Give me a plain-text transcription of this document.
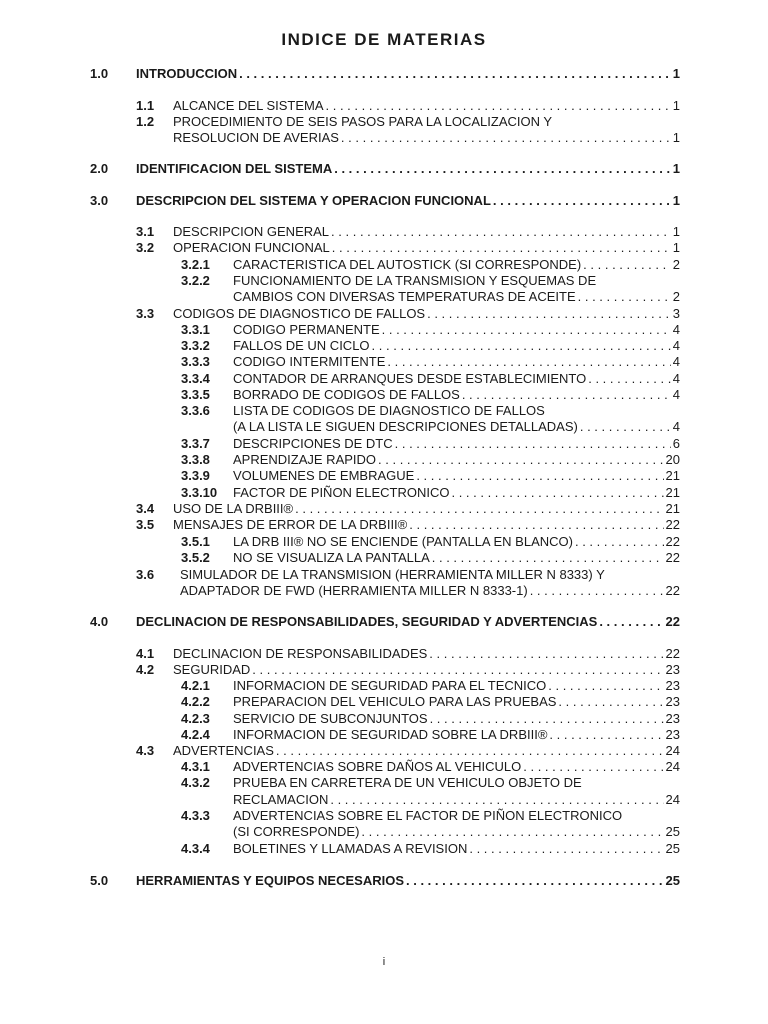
INDICE DE MATERIAS
1.0 INTRODUCCION . . .	1
1.1 ALCANCE DEL SISTEMA . . .	1
1.2 PROCEDIMIENTO DE SEIS PASOS PARA LA LOCALIZACION Y
RESOLUCION DE AVERIAS . . .	1
2.0 IDENTIFICACION DEL SISTEMA . . .	1
3.0 DESCRIPCION DEL SISTEMA Y OPERACION FUNCIONAL . . .	1
3.1 DESCRIPCION GENERAL . . .	1
3.2 OPERACION FUNCIONAL . . .	1
3.2.1 CARACTERISTICA DEL AUTOSTICK (SI CORRESPONDE) . . .	2
3.2.2 FUNCIONAMIENTO DE LA TRANSMISION Y ESQUEMAS DE
CAMBIOS CON DIVERSAS TEMPERATURAS DE ACEITE . . .	2
3.3 CODIGOS DE DIAGNOSTICO DE FALLOS . . .	3
3.3.1 CODIGO PERMANENTE . . .	4
3.3.2 FALLOS DE UN CICLO . . .	4
3.3.3 CODIGO INTERMITENTE . . .	4
3.3.4 CONTADOR DE ARRANQUES DESDE ESTABLECIMIENTO . . .	4
3.3.5 BORRADO DE CODIGOS DE FALLOS . . .	4
3.3.6 LISTA DE CODIGOS DE DIAGNOSTICO DE FALLOS
(A LA LISTA LE SIGUEN DESCRIPCIONES DETALLADAS) . . .	4
3.3.7 DESCRIPCIONES DE DTC . . .	6
3.3.8 APRENDIZAJE RAPIDO . . .	20
3.3.9 VOLUMENES DE EMBRAGUE . . .	21
3.3.10 FACTOR DE PIÑON ELECTRONICO . . .	21
3.4 USO DE LA DRBIII® . . .	21
3.5 MENSAJES DE ERROR DE LA DRBIII® . . .	22
3.5.1 LA DRB III® NO SE ENCIENDE (PANTALLA EN BLANCO) . . .	22
3.5.2 NO SE VISUALIZA LA PANTALLA . . .	22
3.6 SIMULADOR DE LA TRANSMISION (HERRAMIENTA MILLER N 8333) Y
ADAPTADOR DE FWD (HERRAMIENTA MILLER N 8333-1) . . .	22
4.0 DECLINACION DE RESPONSABILIDADES, SEGURIDAD Y ADVERTENCIAS . . .	22
4.1 DECLINACION DE RESPONSABILIDADES . . .	22
4.2 SEGURIDAD . . .	23
4.2.1 INFORMACION DE SEGURIDAD PARA EL TECNICO . . .	23
4.2.2 PREPARACION DEL VEHICULO PARA LAS PRUEBAS . . .	23
4.2.3 SERVICIO DE SUBCONJUNTOS . . .	23
4.2.4 INFORMACION DE SEGURIDAD SOBRE LA DRBIII® . . .	23
4.3 ADVERTENCIAS . . .	24
4.3.1 ADVERTENCIAS SOBRE DAÑOS AL VEHICULO . . .	24
4.3.2 PRUEBA EN CARRETERA DE UN VEHICULO OBJETO DE
RECLAMACION . . .	24
4.3.3 ADVERTENCIAS SOBRE EL FACTOR DE PIÑON ELECTRONICO
(SI CORRESPONDE) . . .	25
4.3.4 BOLETINES Y LLAMADAS A REVISION . . .	25
5.0 HERRAMIENTAS Y EQUIPOS NECESARIOS . . .	25
i
